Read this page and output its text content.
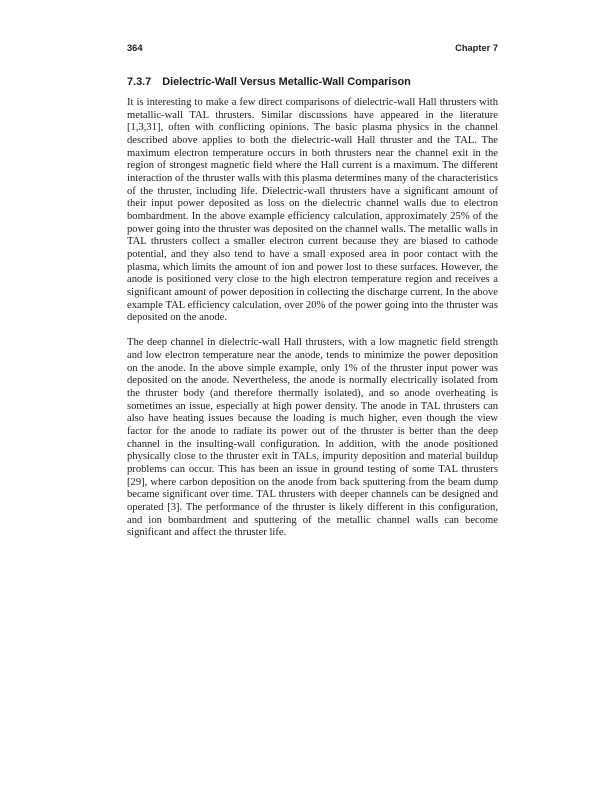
364	Chapter 7
7.3.7 Dielectric-Wall Versus Metallic-Wall Comparison

It is interesting to make a few direct comparisons of dielectric-wall Hall thrusters with metallic-wall TAL thrusters. Similar discussions have appeared in the literature [1,3,31], often with conflicting opinions. The basic plasma physics in the channel described above applies to both the dielectric-wall Hall thruster and the TAL. The maximum electron temperature occurs in both thrusters near the channel exit in the region of strongest magnetic field where the Hall current is a maximum. The different interaction of the thruster walls with this plasma determines many of the characteristics of the thruster, including life. Dielectric-wall thrusters have a significant amount of their input power deposited as loss on the dielectric channel walls due to electron bombardment. In the above example efficiency calculation, approximately 25% of the power going into the thruster was deposited on the channel walls. The metallic walls in TAL thrusters collect a smaller electron current because they are biased to cathode potential, and they also tend to have a small exposed area in poor contact with the plasma, which limits the amount of ion and power lost to these surfaces. However, the anode is positioned very close to the high electron temperature region and receives a significant amount of power deposition in collecting the discharge current. In the above example TAL efficiency calculation, over 20% of the power going into the thruster was deposited on the anode.

The deep channel in dielectric-wall Hall thrusters, with a low magnetic field strength and low electron temperature near the anode, tends to minimize the power deposition on the anode. In the above simple example, only 1% of the thruster input power was deposited on the anode. Nevertheless, the anode is normally electrically isolated from the thruster body (and therefore thermally isolated), and so anode overheating is sometimes an issue, especially at high power density. The anode in TAL thrusters can also have heating issues because the loading is much higher, even though the view factor for the anode to radiate its power out of the thruster is better than the deep channel in the insulting-wall configuration. In addition, with the anode positioned physically close to the thruster exit in TALs, impurity deposition and material buildup problems can occur. This has been an issue in ground testing of some TAL thrusters [29], where carbon deposition on the anode from back sputtering from the beam dump became significant over time. TAL thrusters with deeper channels can be designed and operated [3]. The performance of the thruster is likely different in this configuration, and ion bombardment and sputtering of the metallic channel walls can become significant and affect the thruster life.
